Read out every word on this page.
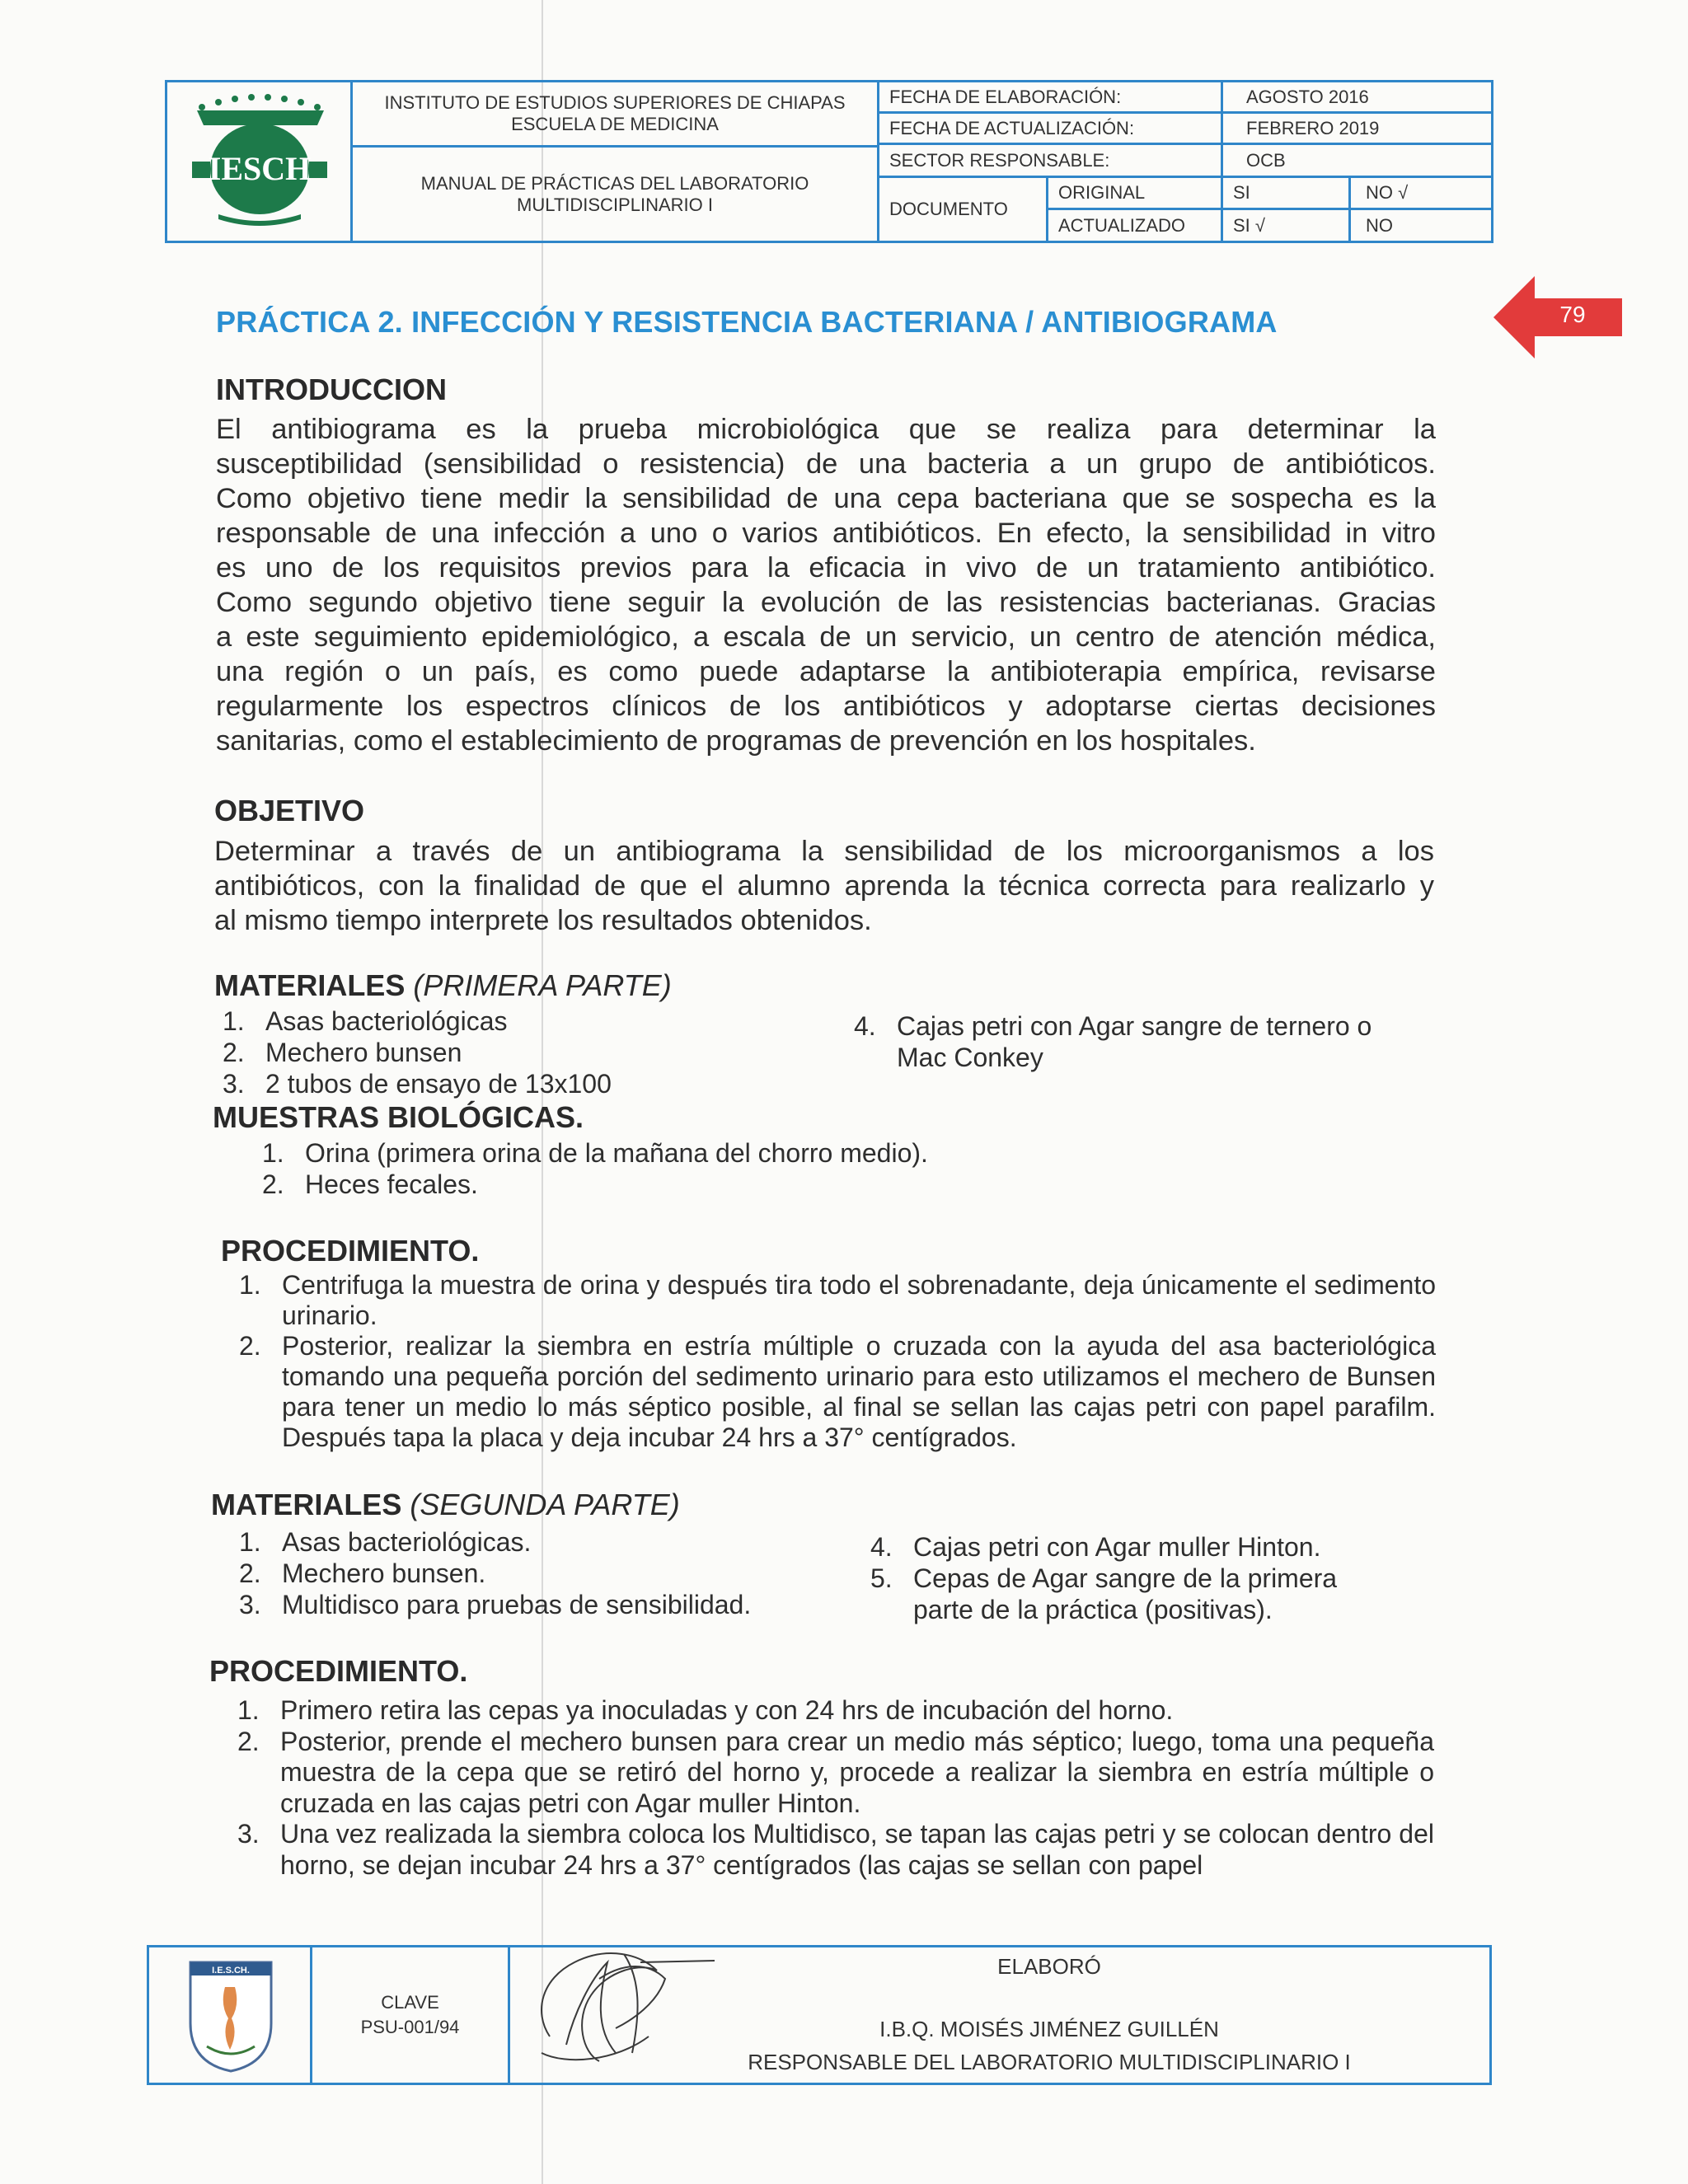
IESCH
INSTITUTO DE ESTUDIOS SUPERIORES DE CHIAPAS
ESCUELA DE MEDICINA
MANUAL DE PRÁCTICAS DEL LABORATORIO
MULTIDISCIPLINARIO I
FECHA DE ELABORACIÓN:	AGOSTO 2016
FECHA DE ACTUALIZACIÓN:	FEBRERO 2019
SECTOR RESPONSABLE:	OCB
DOCUMENTO
ORIGINAL	SI	NO √
ACTUALIZADO	SI √	NO
79
PRÁCTICA 2. INFECCIÓN Y RESISTENCIA BACTERIANA / ANTIBIOGRAMA
INTRODUCCION
El antibiograma es la prueba microbiológica que se realiza para determinar la
susceptibilidad (sensibilidad o resistencia) de una bacteria a un grupo de antibióticos.
Como objetivo tiene medir la sensibilidad de una cepa bacteriana que se sospecha es la
responsable de una infección a uno o varios antibióticos. En efecto, la sensibilidad in vitro
es uno de los requisitos previos para la eficacia in vivo de un tratamiento antibiótico.
Como segundo objetivo tiene seguir la evolución de las resistencias bacterianas. Gracias
a este seguimiento epidemiológico, a escala de un servicio, un centro de atención médica,
una región o un país, es como puede adaptarse la antibioterapia empírica, revisarse
regularmente los espectros clínicos de los antibióticos y adoptarse ciertas decisiones
sanitarias, como el establecimiento de programas de prevención en los hospitales.
OBJETIVO
Determinar a través de un antibiograma la sensibilidad de los microorganismos a los
antibióticos, con la finalidad de que el alumno aprenda la técnica correcta para realizarlo y
al mismo tiempo interprete los resultados obtenidos.
MATERIALES (PRIMERA PARTE)
1. Asas bacteriológicas
2. Mechero bunsen
3. 2 tubos de ensayo de 13x100
4. Cajas petri con Agar sangre de ternero o Mac Conkey
MUESTRAS BIOLÓGICAS.
1. Orina (primera orina de la mañana del chorro medio).
2. Heces fecales.
PROCEDIMIENTO.
1. Centrifuga la muestra de orina y después tira todo el sobrenadante, deja únicamente el sedimento urinario.
2. Posterior, realizar la siembra en estría múltiple o cruzada con la ayuda del asa bacteriológica tomando una pequeña porción del sedimento urinario para esto utilizamos el mechero de Bunsen para tener un medio lo más séptico posible, al final se sellan las cajas petri con papel parafilm. Después tapa la placa y deja incubar 24 hrs a 37° centígrados.
MATERIALES (SEGUNDA PARTE)
1. Asas bacteriológicas.
2. Mechero bunsen.
3. Multidisco para pruebas de sensibilidad.
4. Cajas petri con Agar muller Hinton.
5. Cepas de Agar sangre de la primera parte de la práctica (positivas).
PROCEDIMIENTO.
1. Primero retira las cepas ya inoculadas y con 24 hrs de incubación del horno.
2. Posterior, prende el mechero bunsen para crear un medio más séptico; luego, toma una pequeña muestra de la cepa que se retiró del horno y, procede a realizar la siembra en estría múltiple o cruzada en las cajas petri con Agar muller Hinton.
3. Una vez realizada la siembra coloca los Multidisco, se tapan las cajas petri y se colocan dentro del horno, se dejan incubar 24 hrs a 37° centígrados (las cajas se sellan con papel
I.E.S.CH.
CLAVE
PSU-001/94
ELABORÓ
I.B.Q. MOISÉS JIMÉNEZ GUILLÉN
RESPONSABLE DEL LABORATORIO MULTIDISCIPLINARIO I
